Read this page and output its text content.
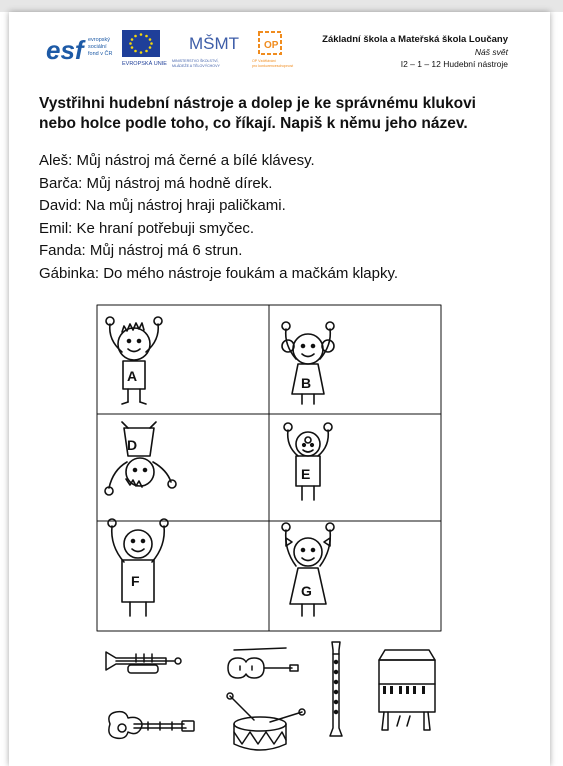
esf evropský
sociální
fond v ČR
EVROPSKÁ UNIE
MŠMT
MINISTERSTVO ŠKOLSTVÍ,
MLÁDEŽE A TĚLOVÝCHOVY
OP
OP Vzdělávání
pro konkurenceschopnost
Základní škola a Mateřská škola Loučany
Náš svět
I2 – 1 – 12 Hudební nástroje
Vystřihni hudební nástroje a dolep je ke správnému klukovi nebo holce podle toho, co říkají. Napiš k němu jeho název.
Aleš: Můj nástroj má černé a bílé klávesy.
Barča: Můj nástroj má hodně dírek.
David: Na můj nástroj hraji paličkami.
Emil: Ke hraní potřebuji smyčec.
Fanda: Můj nástroj má 6 strun.
Gábinka: Do mého nástroje foukám a mačkám klapky.
A	B
D
E
F
G
